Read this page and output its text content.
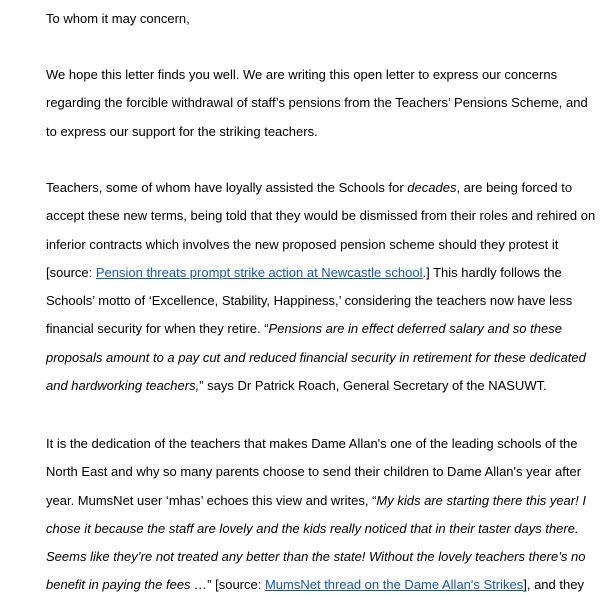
To whom it may concern,

We hope this letter finds you well. We are writing this open letter to express our concerns
regarding the forcible withdrawal of staff’s pensions from the Teachers’ Pensions Scheme, and
to express our support for the striking teachers.

Teachers, some of whom have loyally assisted the Schools for decades, are being forced to
accept these new terms, being told that they would be dismissed from their roles and rehired on
inferior contracts which involves the new proposed pension scheme should they protest it
[source: Pension threats prompt strike action at Newcastle school.] This hardly follows the
Schools’ motto of ‘Excellence, Stability, Happiness,’ considering the teachers now have less
financial security for when they retire. “Pensions are in effect deferred salary and so these
proposals amount to a pay cut and reduced financial security in retirement for these dedicated
and hardworking teachers,” says Dr Patrick Roach, General Secretary of the NASUWT.

It is the dedication of the teachers that makes Dame Allan's one of the leading schools of the
North East and why so many parents choose to send their children to Dame Allan's year after
year. MumsNet user ‘mhas’ echoes this view and writes, “My kids are starting there this year! I
chose it because the staff are lovely and the kids really noticed that in their taster days there.
Seems like they’re not treated any better than the state! Without the lovely teachers there’s no
benefit in paying the fees …” [source: MumsNet thread on the Dame Allan's Strikes], and they
